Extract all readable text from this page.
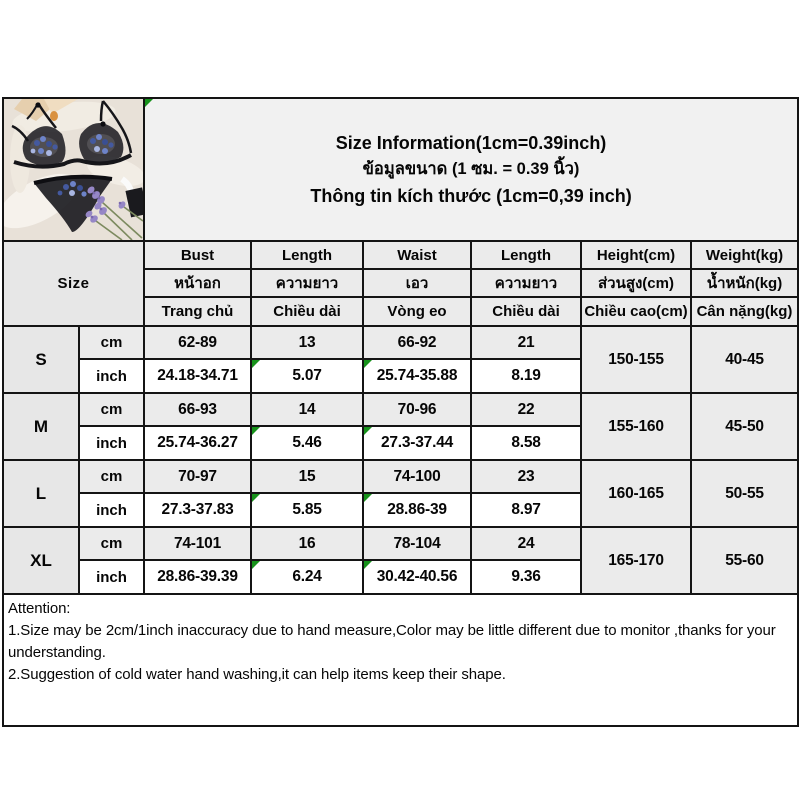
Size Information(1cm=0.39inch)
ข้อมูลขนาด (1 ซม. = 0.39 นิ้ว)
Thông tin kích thước (1cm=0,39 inch)					

Size		Bust	Length	Waist	Length	Height(cm)	Weight(kg)
		หน้าอก	ความยาว	เอว	ความยาว	ส่วนสูง(cm)	น้ำหนัก(kg)
		Trang chủ	Chiều dài	Vòng eo	Chiều dài	Chiều cao(cm)	Cân nặng(kg)
S	cm	62-89	13	66-92	21	150-155	40-45
	inch	24.18-34.71	5.07	25.74-35.88	8.19		
M	cm	66-93	14	70-96	22	155-160	45-50
	inch	25.74-36.27	5.46	27.3-37.44	8.58		
L	cm	70-97	15	74-100	23	160-165	50-55
	inch	27.3-37.83	5.85	28.86-39	8.97		
XL	cm	74-101	16	78-104	24	165-170	55-60
	inch	28.86-39.39	6.24	30.42-40.56	9.36		

Attention:
1.Size may be 2cm/1inch inaccuracy due to hand measure,Color may be little different due to monitor ,thanks for your understanding.
2.Suggestion of cold water hand washing,it can help items keep their shape.							
